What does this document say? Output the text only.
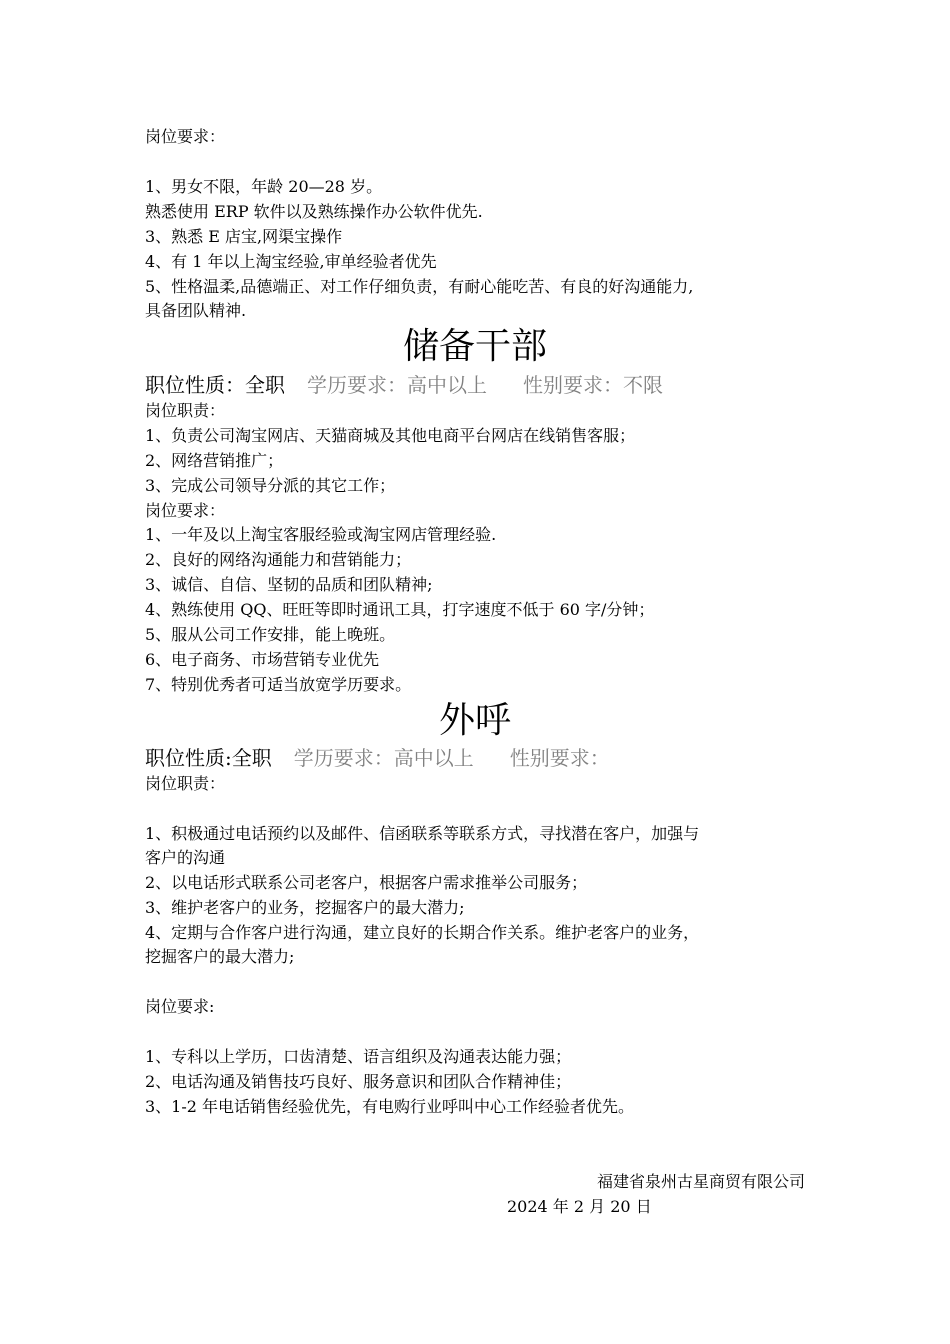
岗位要求：
1、男女不限，年龄 20—28 岁。
熟悉使用 ERP 软件以及熟练操作办公软件优先.
3、熟悉 E 店宝,网渠宝操作
4、有 1 年以上淘宝经验,审单经验者优先
5、性格温柔,品德端正、对工作仔细负责，有耐心能吃苦、有良的好沟通能力,
具备团队精神.
储备干部
职位性质：全职 学历要求：高中以上 性别要求：不限
岗位职责：
1、负责公司淘宝网店、天猫商城及其他电商平台网店在线销售客服；
2、网络营销推广；
3、完成公司领导分派的其它工作；
岗位要求：
1、一年及以上淘宝客服经验或淘宝网店管理经验.
2、良好的网络沟通能力和营销能力；
3、诚信、自信、坚韧的品质和团队精神;
4、熟练使用 QQ、旺旺等即时通讯工具，打字速度不低于 60 字/分钟；
5、服从公司工作安排，能上晚班。
6、电子商务、市场营销专业优先
7、特别优秀者可适当放宽学历要求。
外呼
职位性质:全职 学历要求：高中以上 性别要求：
岗位职责：
1、积极通过电话预约以及邮件、信函联系等联系方式，寻找潜在客户，加强与
客户的沟通
2、以电话形式联系公司老客户，根据客户需求推举公司服务；
3、维护老客户的业务，挖掘客户的最大潜力;
4、定期与合作客户进行沟通，建立良好的长期合作关系。维护老客户的业务，
挖掘客户的最大潜力;
岗位要求:
1、专科以上学历，口齿清楚、语言组织及沟通表达能力强；
2、电话沟通及销售技巧良好、服务意识和团队合作精神佳；
3、1-2 年电话销售经验优先，有电购行业呼叫中心工作经验者优先。
福建省泉州古星商贸有限公司
2024 年 2 月 20 日
